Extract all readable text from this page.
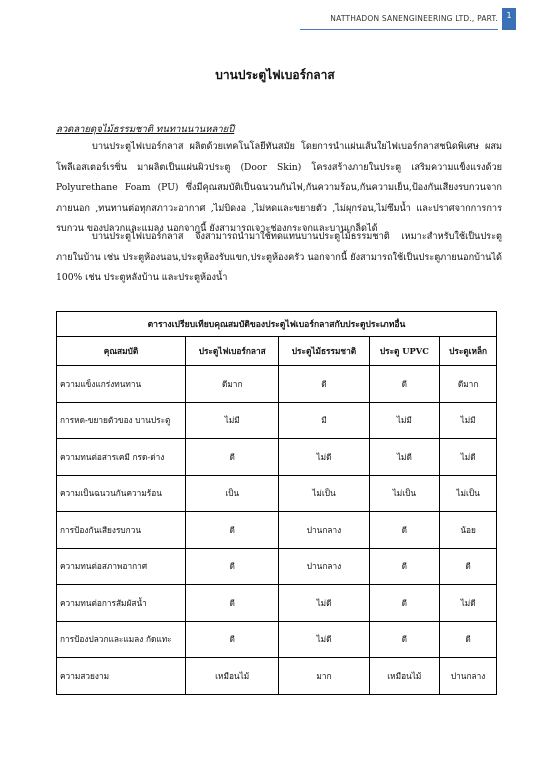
NATTHADON SANENGINEERING LTD., PART.	1
บานประตูไฟเบอร์กลาส
ลวดลายดุจไม้ธรรมชาติ ทนทานนานหลายปี
บานประตูไฟเบอร์กลาส ผลิตด้วยเทคโนโลยีทันสมัย โดยการนำแผ่นเส้นใยไฟเบอร์กลาสชนิดพิเศษ ผสมโพลีเอสเตอร์เรซิ่น มาผลิตเป็นแผ่นผิวประตู (Door Skin) โครงสร้างภายในประตู เสริมความแข็งแรงด้วย Polyurethane Foam (PU) ซึ่งมีคุณสมบัติเป็นฉนวนกันไฟ,กันความร้อน,กันความเย็น,ป้องกันเสียงรบกวนจากภายนอก ,ทนทานต่อทุกสภาวะอากาศ ,ไม่บิดงอ ,ไม่หดและขยายตัว ,ไม่ผุกร่อน,ไม่ซึมน้ำ และปราศจากการการรบกวน ของปลวกและแมลง นอกจากนี้ ยังสามารถเจาะช่องกระจกและบานเกล็ดได้
บานประตูไฟเบอร์กลาส จึงสามารถนำมาใช้ทดแทนบานประตูไม้ธรรมชาติ เหมาะสำหรับใช้เป็นประตูภายในบ้าน เช่น ประตูห้องนอน,ประตูห้องรับแขก,ประตูห้องครัว นอกจากนี้ ยังสามารถใช้เป็นประตูภายนอกบ้านได้ 100% เช่น ประตูหลังบ้าน และประตูห้องน้ำ
ตารางเปรียบเทียบคุณสมบัติของประตูไฟเบอร์กลาสกับประตูประเภทอื่น				
คุณสมบัติ	ประตูไฟเบอร์กลาส	ประตูไม้ธรรมชาติ	ประตู UPVC	ประตูเหล็ก
ความแข็งแกร่งทนทาน	ดีมาก	ดี	ดี	ดีมาก
การหด-ขยายตัวของ บานประตู	ไม่มี	มี	ไม่มี	ไม่มี
ความทนต่อสารเคมี กรด-ด่าง	ดี	ไม่ดี	ไม่ดี	ไม่ดี
ความเป็นฉนวนกันความร้อน	เป็น	ไม่เป็น	ไม่เป็น	ไม่เป็น
การป้องกันเสียงรบกวน	ดี	ปานกลาง	ดี	น้อย
ความทนต่อสภาพอากาศ	ดี	ปานกลาง	ดี	ดี
ความทนต่อการสัมผัสน้ำ	ดี	ไม่ดี	ดี	ไม่ดี
การป้องปลวกและแมลง กัดแทะ	ดี	ไม่ดี	ดี	ดี
ความสวยงาม	เหมือนไม้	มาก	เหมือนไม้	ปานกลาง
